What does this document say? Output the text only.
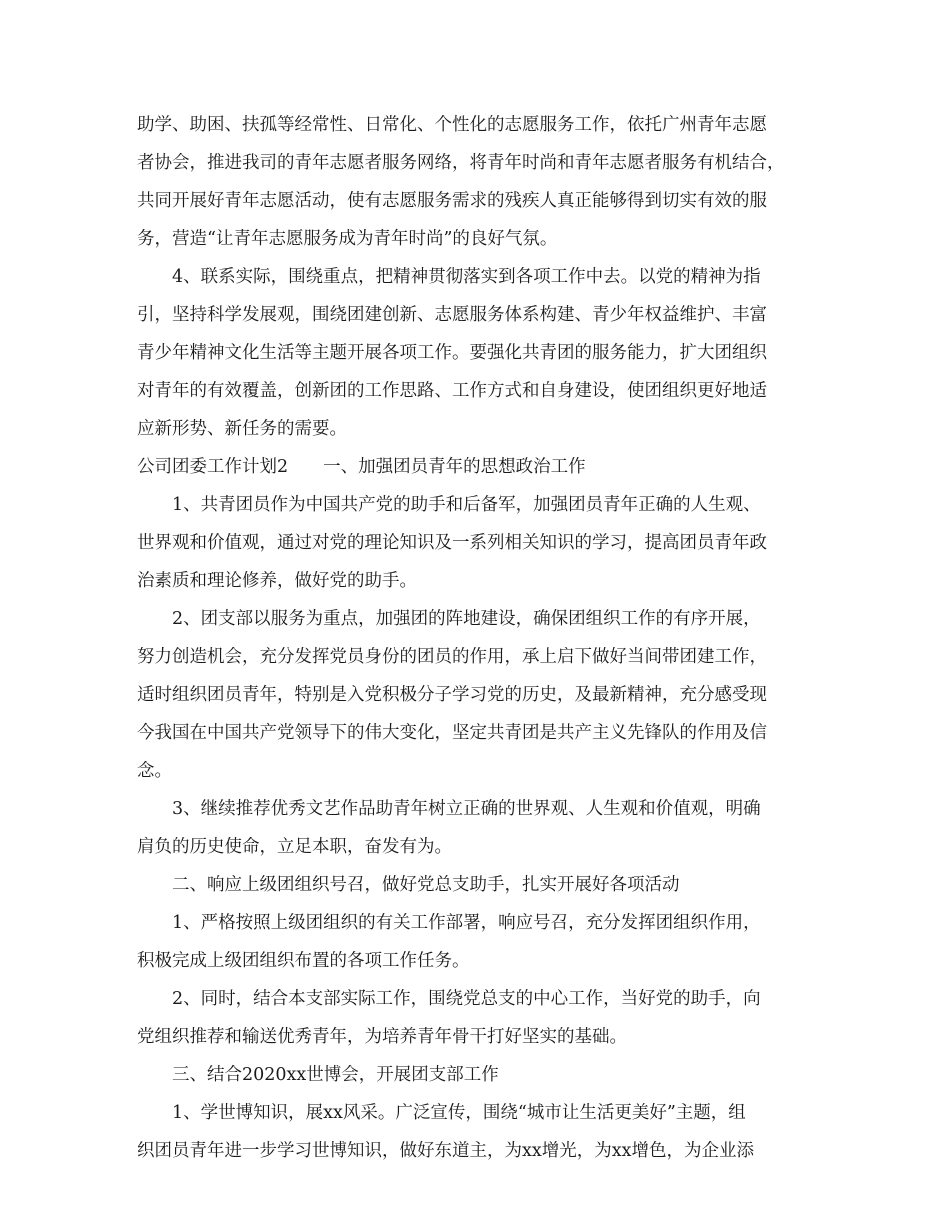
助学、助困、扶孤等经常性、日常化、个性化的志愿服务工作，依托广州青年志愿
者协会，推进我司的青年志愿者服务网络，将青年时尚和青年志愿者服务有机结合，
共同开展好青年志愿活动，使有志愿服务需求的残疾人真正能够得到切实有效的服
务，营造“让青年志愿服务成为青年时尚”的良好气氛。
4、联系实际，围绕重点，把精神贯彻落实到各项工作中去。以党的精神为指
引，坚持科学发展观，围绕团建创新、志愿服务体系构建、青少年权益维护、丰富
青少年精神文化生活等主题开展各项工作。要强化共青团的服务能力，扩大团组织
对青年的有效覆盖，创新团的工作思路、工作方式和自身建设，使团组织更好地适
应新形势、新任务的需要。
公司团委工作计划2　　一、加强团员青年的思想政治工作
1、共青团员作为中国共产党的助手和后备军，加强团员青年正确的人生观、
世界观和价值观，通过对党的理论知识及一系列相关知识的学习，提高团员青年政
治素质和理论修养，做好党的助手。
2、团支部以服务为重点，加强团的阵地建设，确保团组织工作的有序开展，
努力创造机会，充分发挥党员身份的团员的作用，承上启下做好当间带团建工作，
适时组织团员青年，特别是入党积极分子学习党的历史，及最新精神，充分感受现
今我国在中国共产党领导下的伟大变化，坚定共青团是共产主义先锋队的作用及信
念。
3、继续推荐优秀文艺作品助青年树立正确的世界观、人生观和价值观，明确
肩负的历史使命，立足本职，奋发有为。
二、响应上级团组织号召，做好党总支助手，扎实开展好各项活动
1、严格按照上级团组织的有关工作部署，响应号召，充分发挥团组织作用，
积极完成上级团组织布置的各项工作任务。
2、同时，结合本支部实际工作，围绕党总支的中心工作，当好党的助手，向
党组织推荐和输送优秀青年，为培养青年骨干打好坚实的基础。
三、结合2020xx世博会，开展团支部工作
1、学世博知识，展xx风采。广泛宣传，围绕“城市让生活更美好”主题，组
织团员青年进一步学习世博知识，做好东道主，为xx增光，为xx增色，为企业添
